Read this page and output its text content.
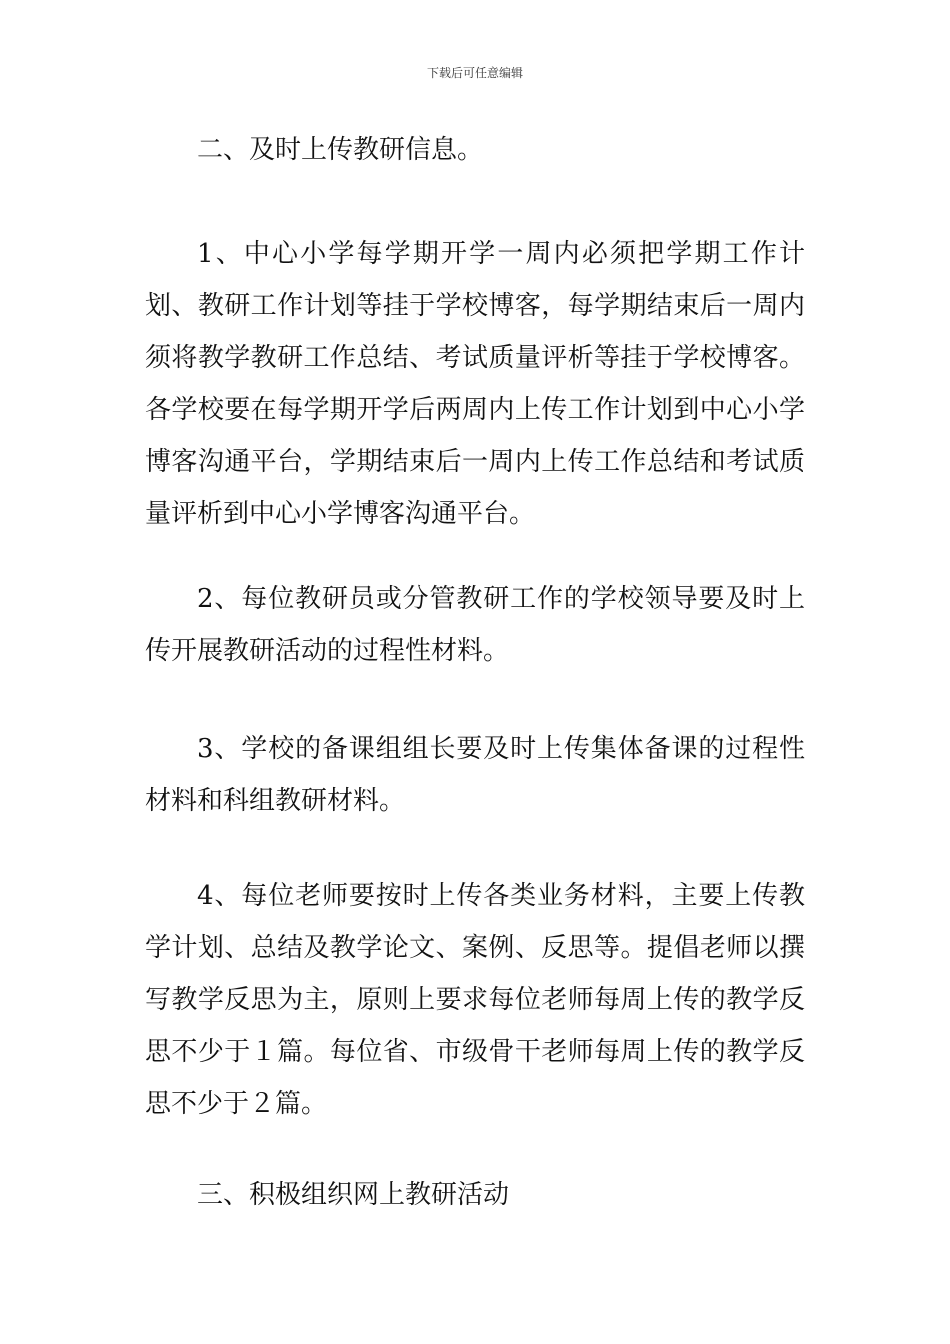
下载后可任意编辑

二、及时上传教研信息。

1、中心小学每学期开学一周内必须把学期工作计划、教研工作计划等挂于学校博客，每学期结束后一周内须将教学教研工作总结、考试质量评析等挂于学校博客。各学校要在每学期开学后两周内上传工作计划到中心小学博客沟通平台，学期结束后一周内上传工作总结和考试质量评析到中心小学博客沟通平台。

2、每位教研员或分管教研工作的学校领导要及时上传开展教研活动的过程性材料。

3、学校的备课组组长要及时上传集体备课的过程性材料和科组教研材料。

4、每位老师要按时上传各类业务材料，主要上传教学计划、总结及教学论文、案例、反思等。提倡老师以撰写教学反思为主，原则上要求每位老师每周上传的教学反思不少于１篇。每位省、市级骨干老师每周上传的教学反思不少于２篇。

三、积极组织网上教研活动
